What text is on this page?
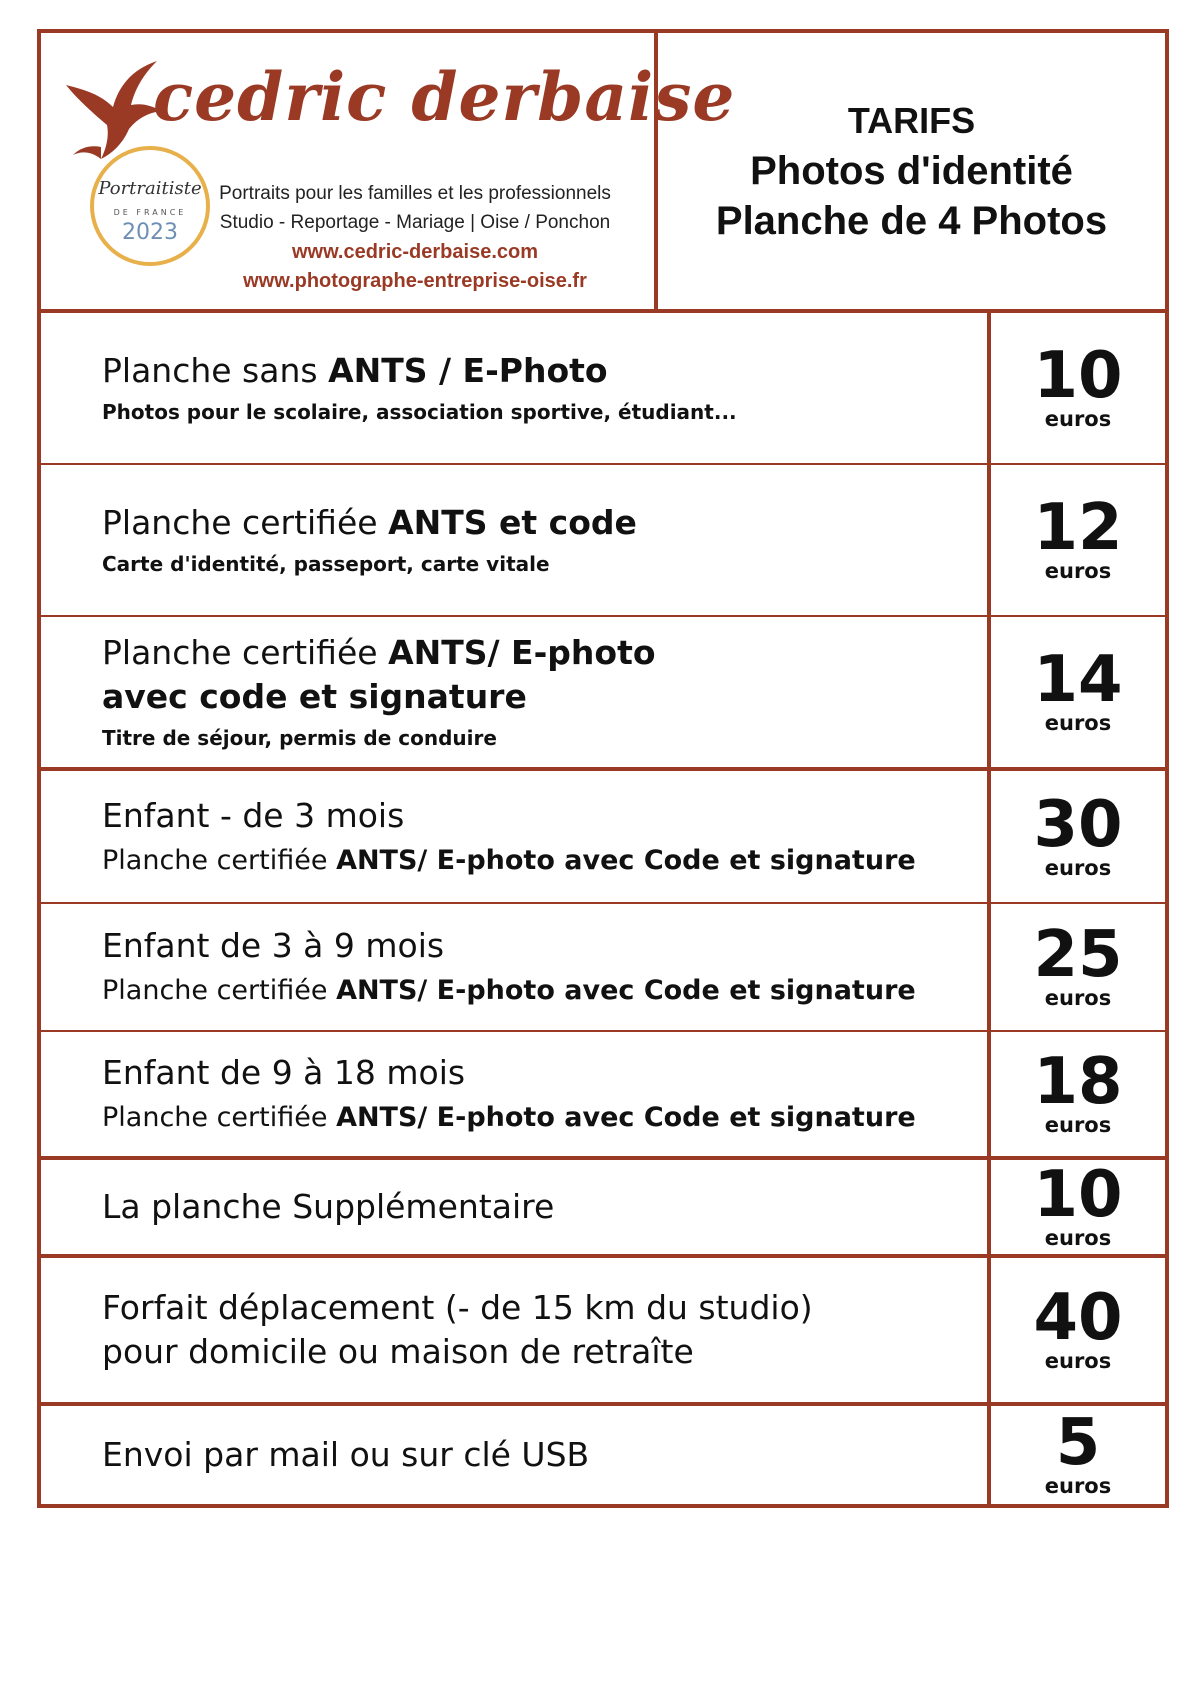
cedric derbaise
Portraitiste
DE FRANCE
2023
Portraits pour les familles et les professionnels
Studio - Reportage - Mariage | Oise / Ponchon
www.cedric-derbaise.com
www.photographe-entreprise-oise.fr
TARIFS
Photos d'identité
Planche de 4 Photos
Planche sans ANTS / E-Photo
Photos pour le scolaire, association sportive, étudiant...	10
euros
Planche certifiée ANTS et code
Carte d'identité, passeport, carte vitale	12
euros
Planche certifiée ANTS/ E-photo
avec code et signature
Titre de séjour, permis de conduire
14
euros
Enfant - de 3 mois
Planche certifiée ANTS/ E-photo avec Code et signature	30
euros
Enfant de 3 à 9 mois
Planche certifiée ANTS/ E-photo avec Code et signature	25
euros
Enfant de 9 à 18 mois
Planche certifiée ANTS/ E-photo avec Code et signature	18
euros
La planche Supplémentaire	10
euros
Forfait déplacement (- de 15 km du studio)
pour domicile ou maison de retraîte	40
euros
Envoi par mail ou sur clé USB	5
euros
